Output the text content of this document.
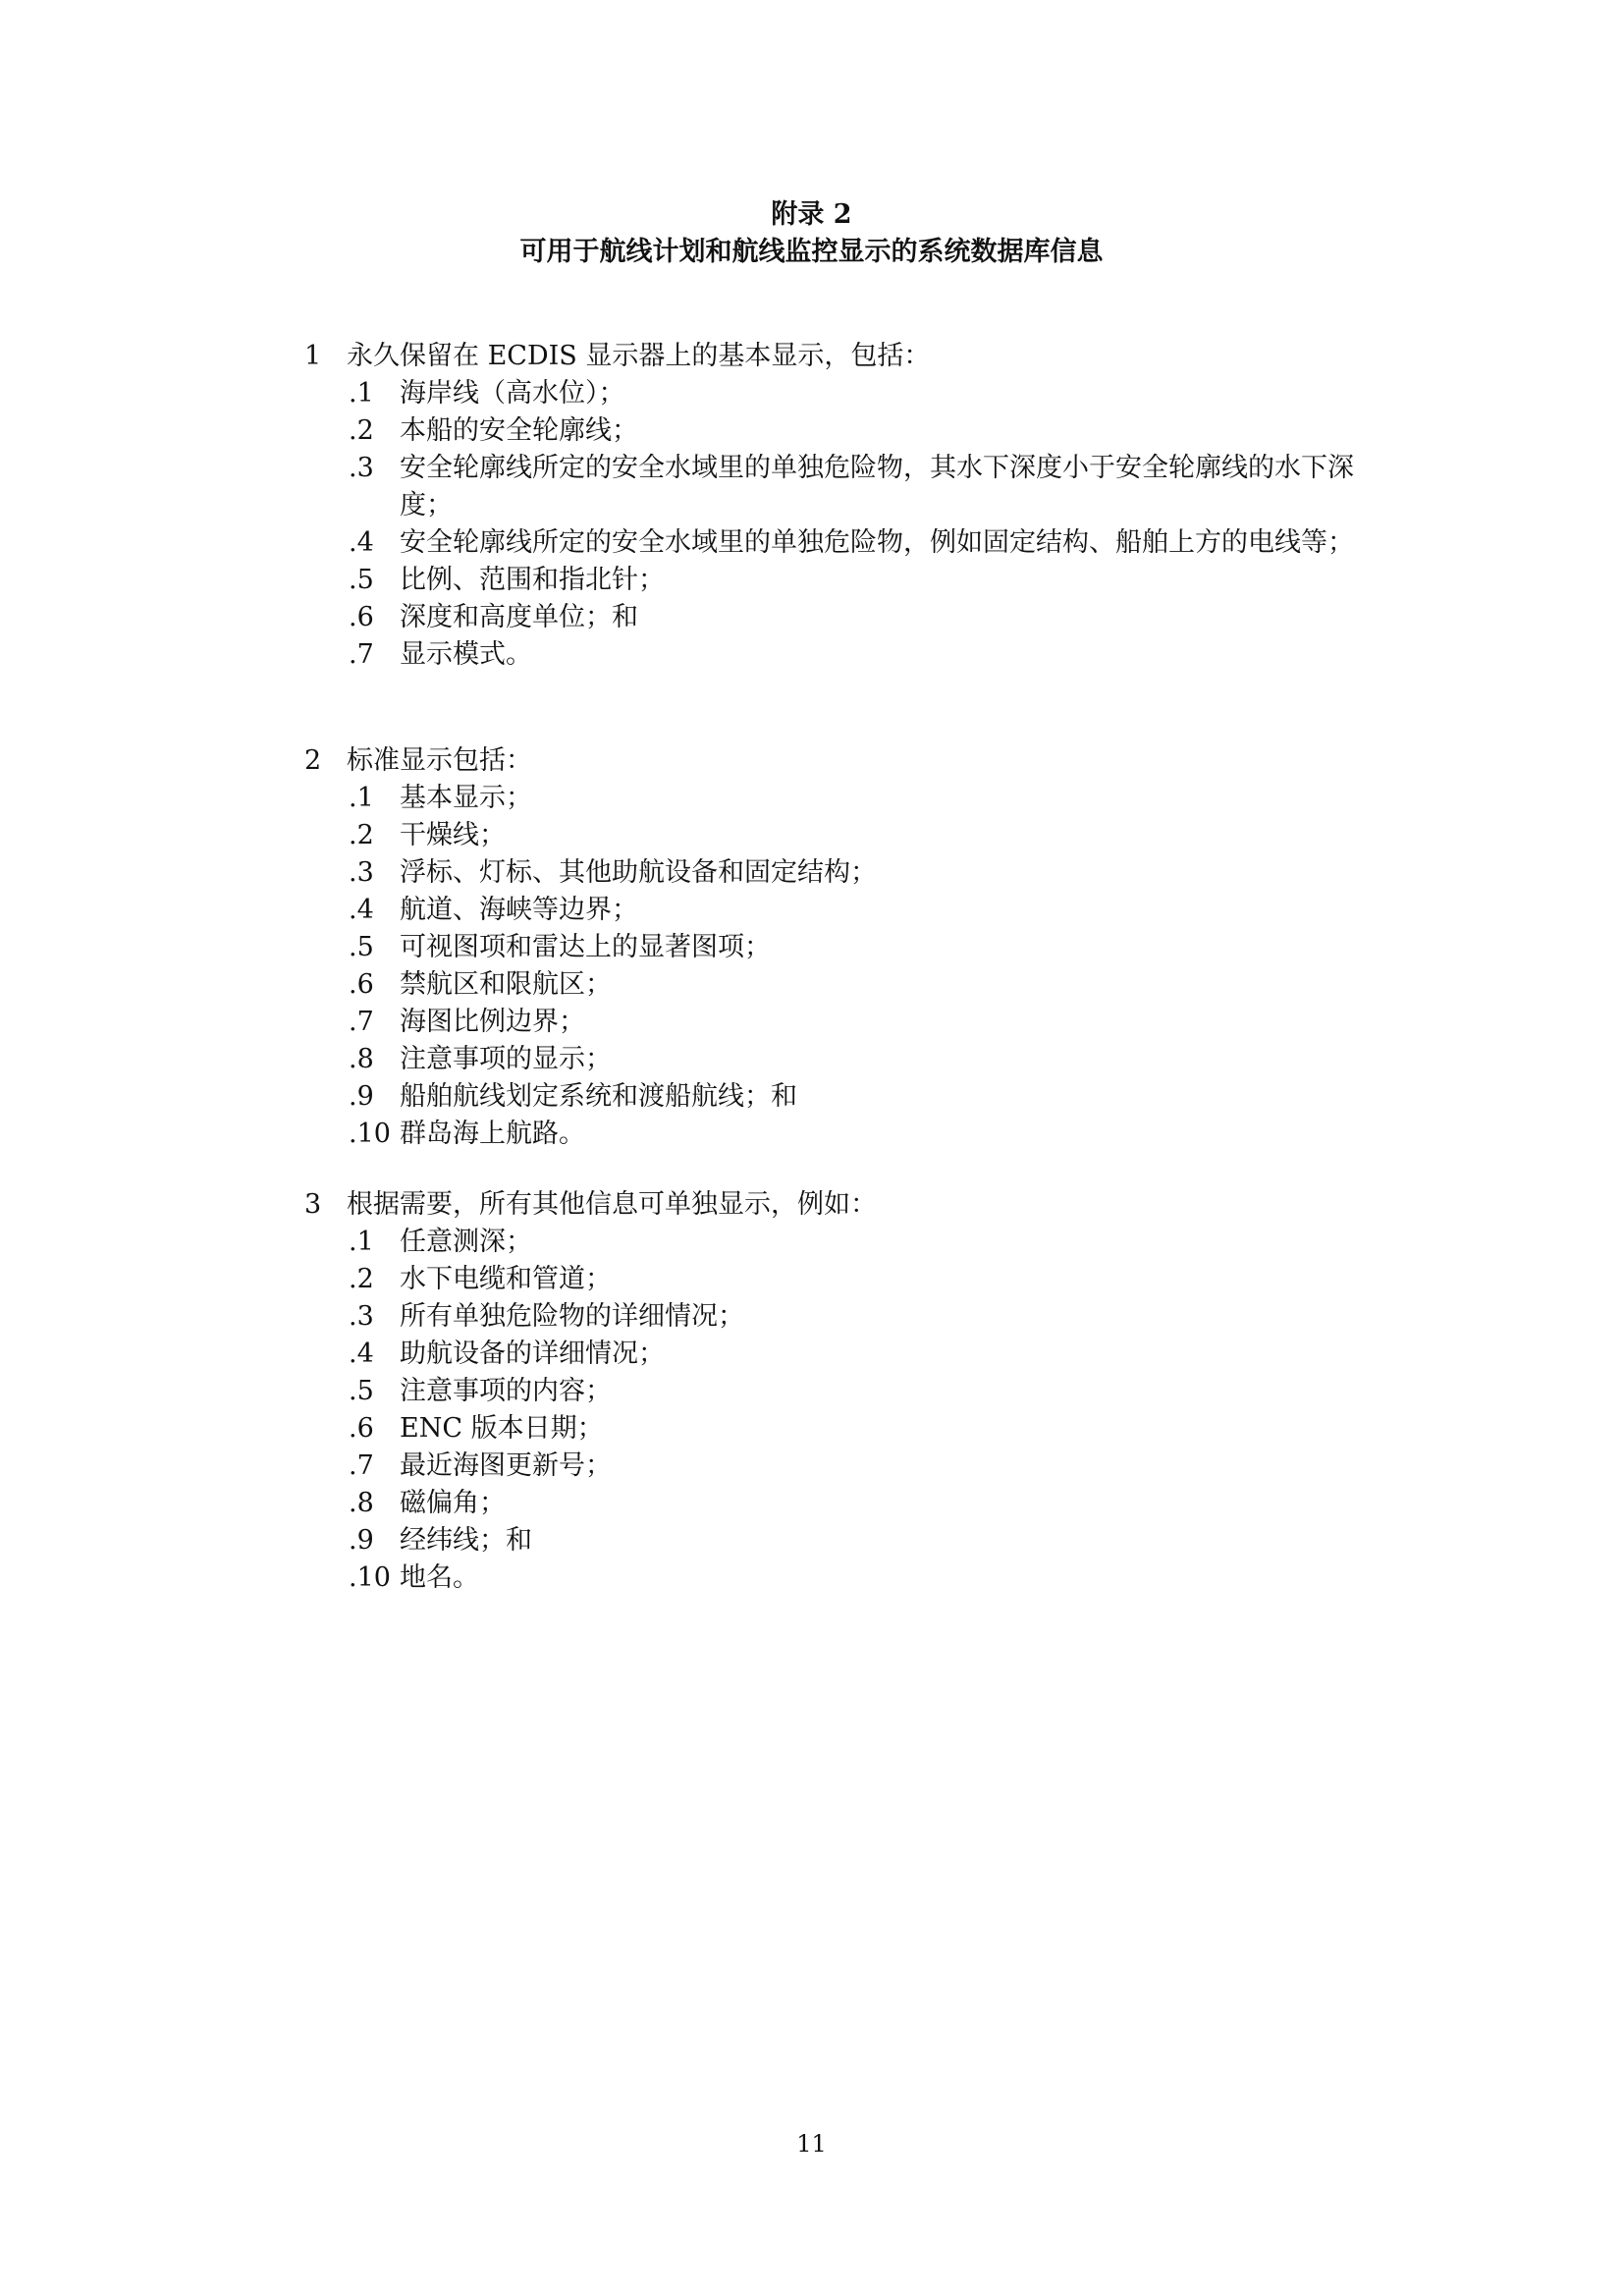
附录 2
可用于航线计划和航线监控显示的系统数据库信息
1 永久保留在 ECDIS 显示器上的基本显示，包括：
.1 海岸线（高水位）；
.2 本船的安全轮廓线；
.3 安全轮廓线所定的安全水域里的单独危险物，其水下深度小于安全轮廓线的水下深度；
.4 安全轮廓线所定的安全水域里的单独危险物，例如固定结构、船舶上方的电线等；
.5 比例、范围和指北针；
.6 深度和高度单位；和
.7 显示模式。
2 标准显示包括：
.1 基本显示；
.2 干燥线；
.3 浮标、灯标、其他助航设备和固定结构；
.4 航道、海峡等边界；
.5 可视图项和雷达上的显著图项；
.6 禁航区和限航区；
.7 海图比例边界；
.8 注意事项的显示；
.9 船舶航线划定系统和渡船航线；和
.10 群岛海上航路。
3 根据需要，所有其他信息可单独显示，例如：
.1 任意测深；
.2 水下电缆和管道；
.3 所有单独危险物的详细情况；
.4 助航设备的详细情况；
.5 注意事项的内容；
.6 ENC 版本日期；
.7 最近海图更新号；
.8 磁偏角；
.9 经纬线；和
.10 地名。
11
